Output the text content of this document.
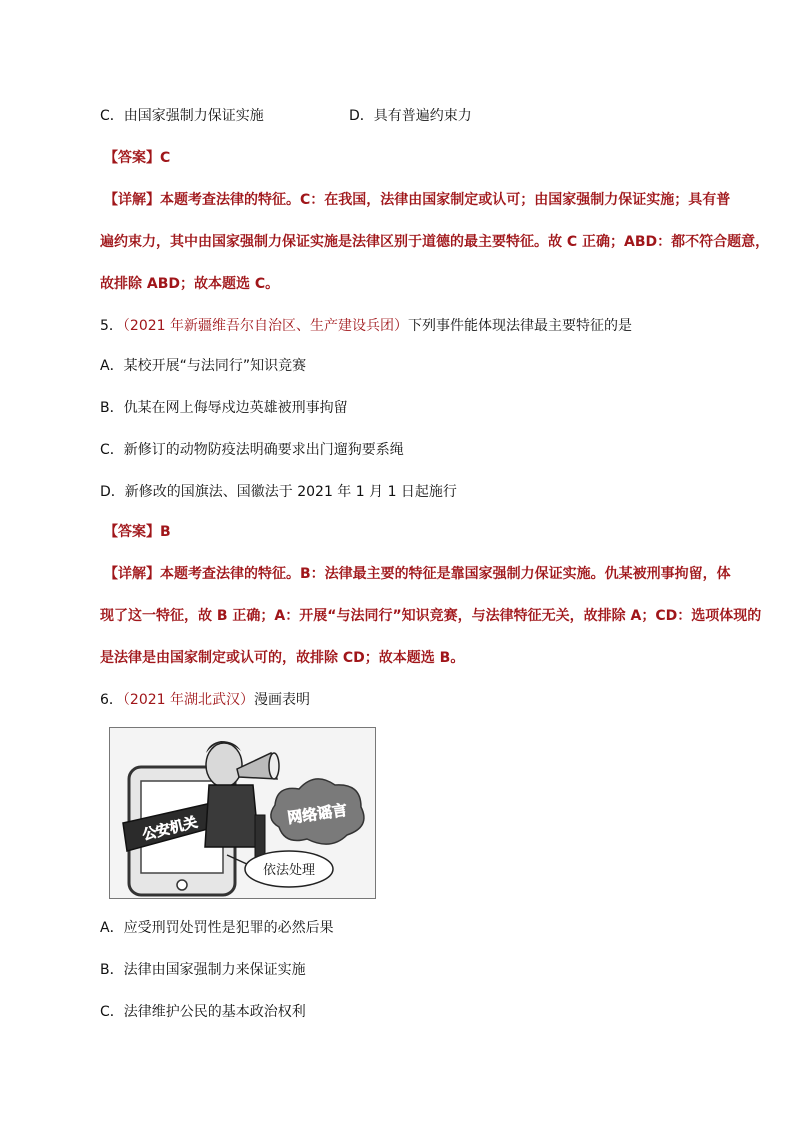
C．由国家强制力保证实施	D．具有普遍约束力
【答案】C
【详解】本题考查法律的特征。C：在我国，法律由国家制定或认可；由国家强制力保证实施；具有普
遍约束力，其中由国家强制力保证实施是法律区别于道德的最主要特征。故 C 正确；ABD：都不符合题意，
故排除 ABD；故本题选 C。
5．（2021 年新疆维吾尔自治区、生产建设兵团）下列事件能体现法律最主要特征的是
A．某校开展“与法同行”知识竞赛
B．仇某在网上侮辱戍边英雄被刑事拘留
C．新修订的动物防疫法明确要求出门遛狗要系绳
D．新修改的国旗法、国徽法于 2021 年 1 月 1 日起施行
【答案】B
【详解】本题考查法律的特征。B：法律最主要的特征是靠国家强制力保证实施。仇某被刑事拘留，体
现了这一特征，故 B 正确；A：开展“与法同行”知识竞赛，与法律特征无关，故排除 A；CD：选项体现的
是法律是由国家制定或认可的，故排除 CD；故本题选 B。
6．（2021 年湖北武汉）漫画表明
网络谣言
公安机关
依法处理
A．应受刑罚处罚性是犯罪的必然后果
B．法律由国家强制力来保证实施
C．法律维护公民的基本政治权利
